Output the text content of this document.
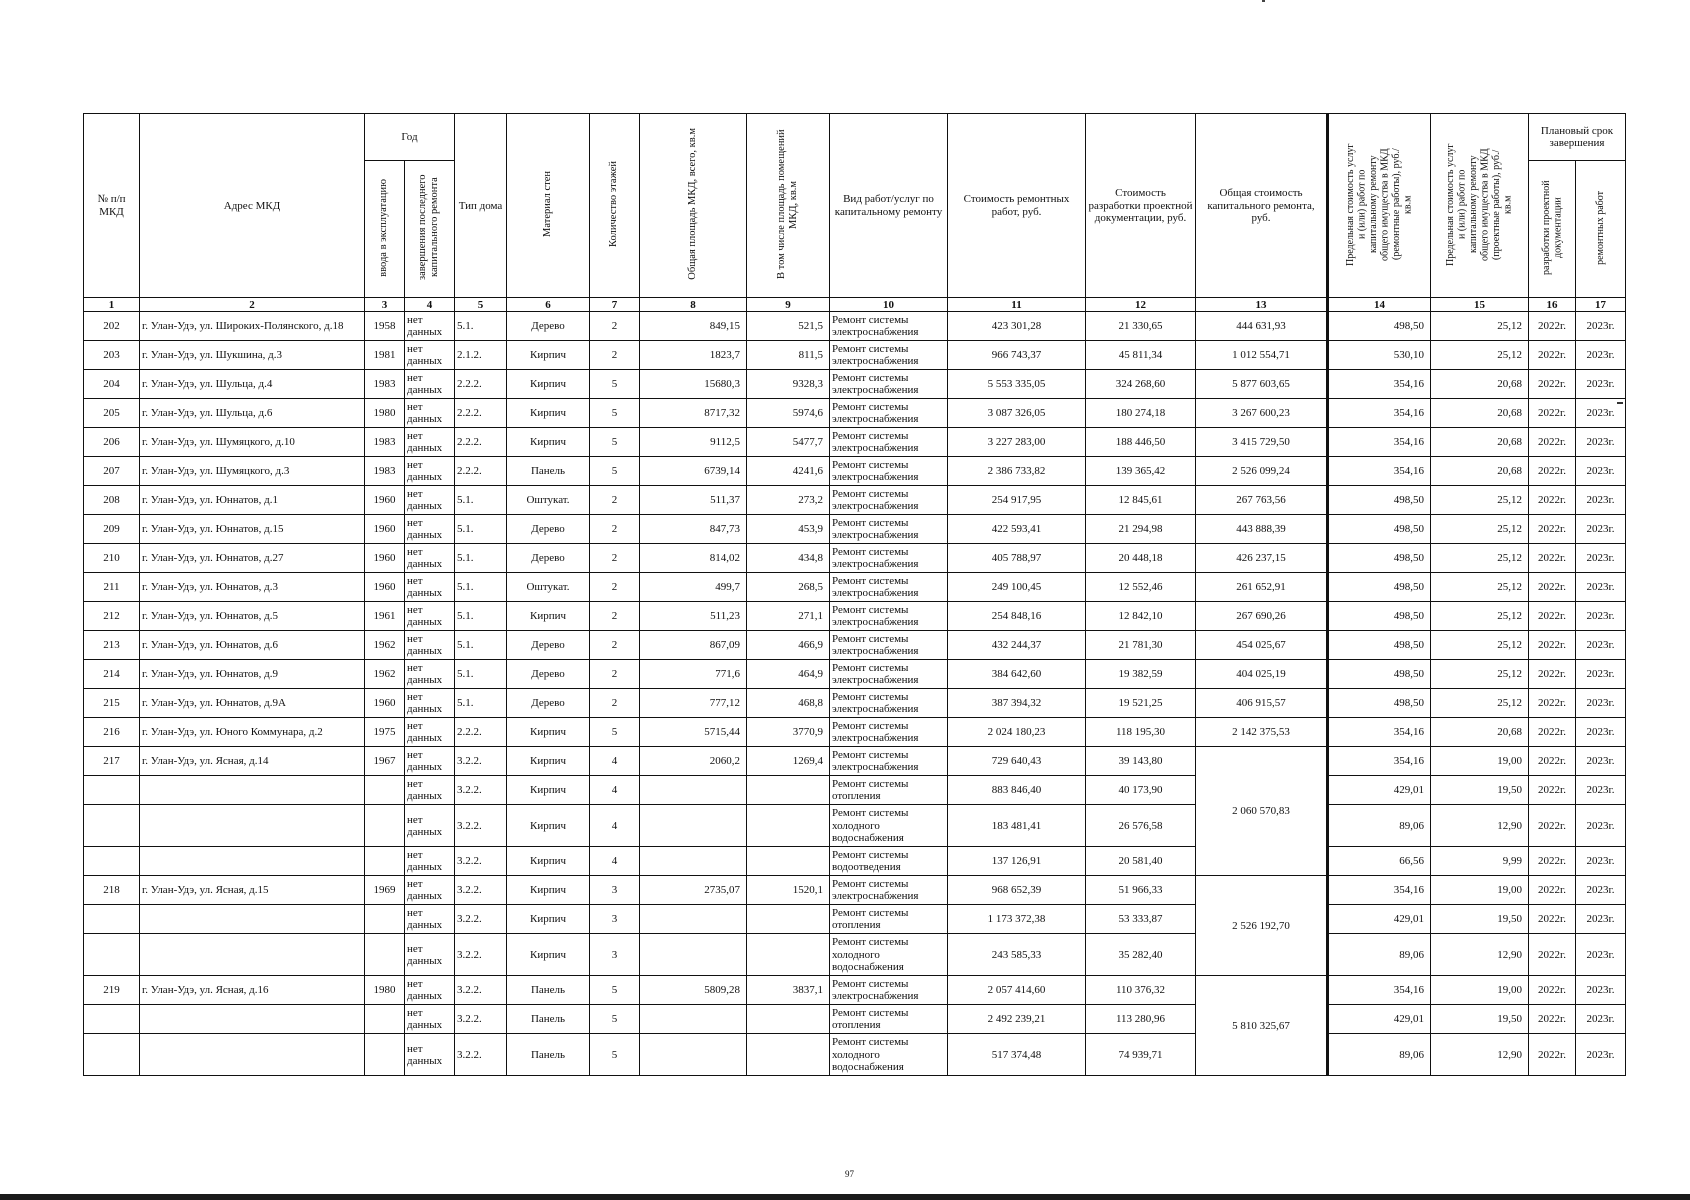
№ п/п МКД	Адрес МКД	Год		Тип дома	Материал стен	Количество этажей	Общая площадь МКД, всего, кв.м	В том числе площадь помещений МКД, кв.м	Вид работ/услуг по капитальному ремонту	Стоимость ремонтных работ, руб.	Стоимость разработки проектной документации, руб.	Общая стоимость капитального ремонта, руб.	Предельная стоимость услуг и (или) работ по капитальному ремонту общего имущества в МКД (ремонтные работы), руб./кв.м	Предельная стоимость услуг и (или) работ по капитальному ремонту общего имущества в МКД (проектные работы), руб./кв.м	Плановый срок завершения	
		ввода в эксплуатацию	завершения последнего капитального ремонта												разработки проектной документации	ремонтных работ
1	2	3	4	5	6	7	8	9	10	11	12	13	14	15	16	17
202	г. Улан-Удэ, ул. Широких-Полянского, д.18	1958	нет данных	5.1.	Дерево	2	849,15	521,5	Ремонт системы электроснабжения	423 301,28	21 330,65	444 631,93	498,50	25,12	2022г.	2023г.
203	г. Улан-Удэ, ул. Шукшина, д.3	1981	нет данных	2.1.2.	Кирпич	2	1823,7	811,5	Ремонт системы электроснабжения	966 743,37	45 811,34	1 012 554,71	530,10	25,12	2022г.	2023г.
204	г. Улан-Удэ, ул. Шульца, д.4	1983	нет данных	2.2.2.	Кирпич	5	15680,3	9328,3	Ремонт системы электроснабжения	5 553 335,05	324 268,60	5 877 603,65	354,16	20,68	2022г.	2023г.
205	г. Улан-Удэ, ул. Шульца, д.6	1980	нет данных	2.2.2.	Кирпич	5	8717,32	5974,6	Ремонт системы электроснабжения	3 087 326,05	180 274,18	3 267 600,23	354,16	20,68	2022г.	2023г.
206	г. Улан-Удэ, ул. Шумяцкого, д.10	1983	нет данных	2.2.2.	Кирпич	5	9112,5	5477,7	Ремонт системы электроснабжения	3 227 283,00	188 446,50	3 415 729,50	354,16	20,68	2022г.	2023г.
207	г. Улан-Удэ, ул. Шумяцкого, д.3	1983	нет данных	2.2.2.	Панель	5	6739,14	4241,6	Ремонт системы электроснабжения	2 386 733,82	139 365,42	2 526 099,24	354,16	20,68	2022г.	2023г.
208	г. Улан-Удэ, ул. Юннатов, д.1	1960	нет данных	5.1.	Оштукат.	2	511,37	273,2	Ремонт системы электроснабжения	254 917,95	12 845,61	267 763,56	498,50	25,12	2022г.	2023г.
209	г. Улан-Удэ, ул. Юннатов, д.15	1960	нет данных	5.1.	Дерево	2	847,73	453,9	Ремонт системы электроснабжения	422 593,41	21 294,98	443 888,39	498,50	25,12	2022г.	2023г.
210	г. Улан-Удэ, ул. Юннатов, д.27	1960	нет данных	5.1.	Дерево	2	814,02	434,8	Ремонт системы электроснабжения	405 788,97	20 448,18	426 237,15	498,50	25,12	2022г.	2023г.
211	г. Улан-Удэ, ул. Юннатов, д.3	1960	нет данных	5.1.	Оштукат.	2	499,7	268,5	Ремонт системы электроснабжения	249 100,45	12 552,46	261 652,91	498,50	25,12	2022г.	2023г.
212	г. Улан-Удэ, ул. Юннатов, д.5	1961	нет данных	5.1.	Кирпич	2	511,23	271,1	Ремонт системы электроснабжения	254 848,16	12 842,10	267 690,26	498,50	25,12	2022г.	2023г.
213	г. Улан-Удэ, ул. Юннатов, д.6	1962	нет данных	5.1.	Дерево	2	867,09	466,9	Ремонт системы электроснабжения	432 244,37	21 781,30	454 025,67	498,50	25,12	2022г.	2023г.
214	г. Улан-Удэ, ул. Юннатов, д.9	1962	нет данных	5.1.	Дерево	2	771,6	464,9	Ремонт системы электроснабжения	384 642,60	19 382,59	404 025,19	498,50	25,12	2022г.	2023г.
215	г. Улан-Удэ, ул. Юннатов, д.9А	1960	нет данных	5.1.	Дерево	2	777,12	468,8	Ремонт системы электроснабжения	387 394,32	19 521,25	406 915,57	498,50	25,12	2022г.	2023г.
216	г. Улан-Удэ, ул. Юного Коммунара, д.2	1975	нет данных	2.2.2.	Кирпич	5	5715,44	3770,9	Ремонт системы электроснабжения	2 024 180,23	118 195,30	2 142 375,53	354,16	20,68	2022г.	2023г.
217	г. Улан-Удэ, ул. Ясная, д.14	1967	нет данных	3.2.2.	Кирпич	4	2060,2	1269,4	Ремонт системы электроснабжения	729 640,43	39 143,80	2 060 570,83	354,16	19,00	2022г.	2023г.
			нет данных	3.2.2.	Кирпич	4			Ремонт системы отопления	883 846,40	40 173,90		429,01	19,50	2022г.	2023г.
			нет данных	3.2.2.	Кирпич	4			Ремонт системы холодного водоснабжения	183 481,41	26 576,58		89,06	12,90	2022г.	2023г.
			нет данных	3.2.2.	Кирпич	4			Ремонт системы водоотведения	137 126,91	20 581,40		66,56	9,99	2022г.	2023г.
218	г. Улан-Удэ, ул. Ясная, д.15	1969	нет данных	3.2.2.	Кирпич	3	2735,07	1520,1	Ремонт системы электроснабжения	968 652,39	51 966,33	2 526 192,70	354,16	19,00	2022г.	2023г.
			нет данных	3.2.2.	Кирпич	3			Ремонт системы отопления	1 173 372,38	53 333,87		429,01	19,50	2022г.	2023г.
			нет данных	3.2.2.	Кирпич	3			Ремонт системы холодного водоснабжения	243 585,33	35 282,40		89,06	12,90	2022г.	2023г.
219	г. Улан-Удэ, ул. Ясная, д.16	1980	нет данных	3.2.2.	Панель	5	5809,28	3837,1	Ремонт системы электроснабжения	2 057 414,60	110 376,32	5 810 325,67	354,16	19,00	2022г.	2023г.
			нет данных	3.2.2.	Панель	5			Ремонт системы отопления	2 492 239,21	113 280,96		429,01	19,50	2022г.	2023г.
			нет данных	3.2.2.	Панель	5			Ремонт системы холодного водоснабжения	517 374,48	74 939,71		89,06	12,90	2022г.	2023г.
97
